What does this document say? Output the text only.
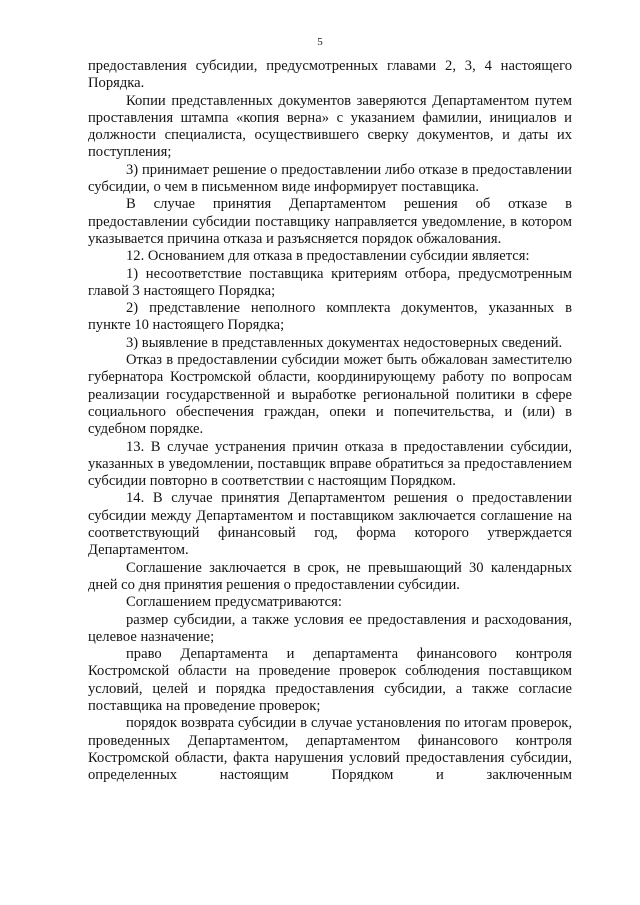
5

предоставления субсидии, предусмотренных главами 2, 3, 4 настоящего Порядка.

Копии представленных документов заверяются Департаментом путем проставления штампа «копия верна» с указанием фамилии, инициалов и должности специалиста, осуществившего сверку документов, и даты их поступления;

3) принимает решение о предоставлении либо отказе в предоставлении субсидии, о чем в письменном виде информирует поставщика.

В случае принятия Департаментом решения об отказе в предоставлении субсидии поставщику направляется уведомление, в котором указывается причина отказа и разъясняется порядок обжалования.

12. Основанием для отказа в предоставлении субсидии является:

1) несоответствие поставщика критериям отбора, предусмотренным главой 3 настоящего Порядка;

2) представление неполного комплекта документов, указанных в пункте 10 настоящего Порядка;

3) выявление в представленных документах недостоверных сведений.

Отказ в предоставлении субсидии может быть обжалован заместителю губернатора Костромской области, координирующему работу по вопросам реализации государственной и выработке региональной политики в сфере социального обеспечения граждан, опеки и попечительства, и (или) в судебном порядке.

13. В случае устранения причин отказа в предоставлении субсидии, указанных в уведомлении, поставщик вправе обратиться за предоставлением субсидии повторно в соответствии с настоящим Порядком.

14. В случае принятия Департаментом решения о предоставлении субсидии между Департаментом и поставщиком заключается соглашение на соответствующий финансовый год, форма которого утверждается Департаментом.

Соглашение заключается в срок, не превышающий 30 календарных дней со дня принятия решения о предоставлении субсидии.

Соглашением предусматриваются:

размер субсидии, а также условия ее предоставления и расходования, целевое назначение;

право Департамента и департамента финансового контроля Костромской области на проведение проверок соблюдения поставщиком условий, целей и порядка предоставления субсидии, а также согласие поставщика на проведение проверок;

порядок возврата субсидии в случае установления по итогам проверок, проведенных Департаментом, департаментом финансового контроля Костромской области, факта нарушения условий предоставления субсидии, определенных настоящим Порядком и заключенным
